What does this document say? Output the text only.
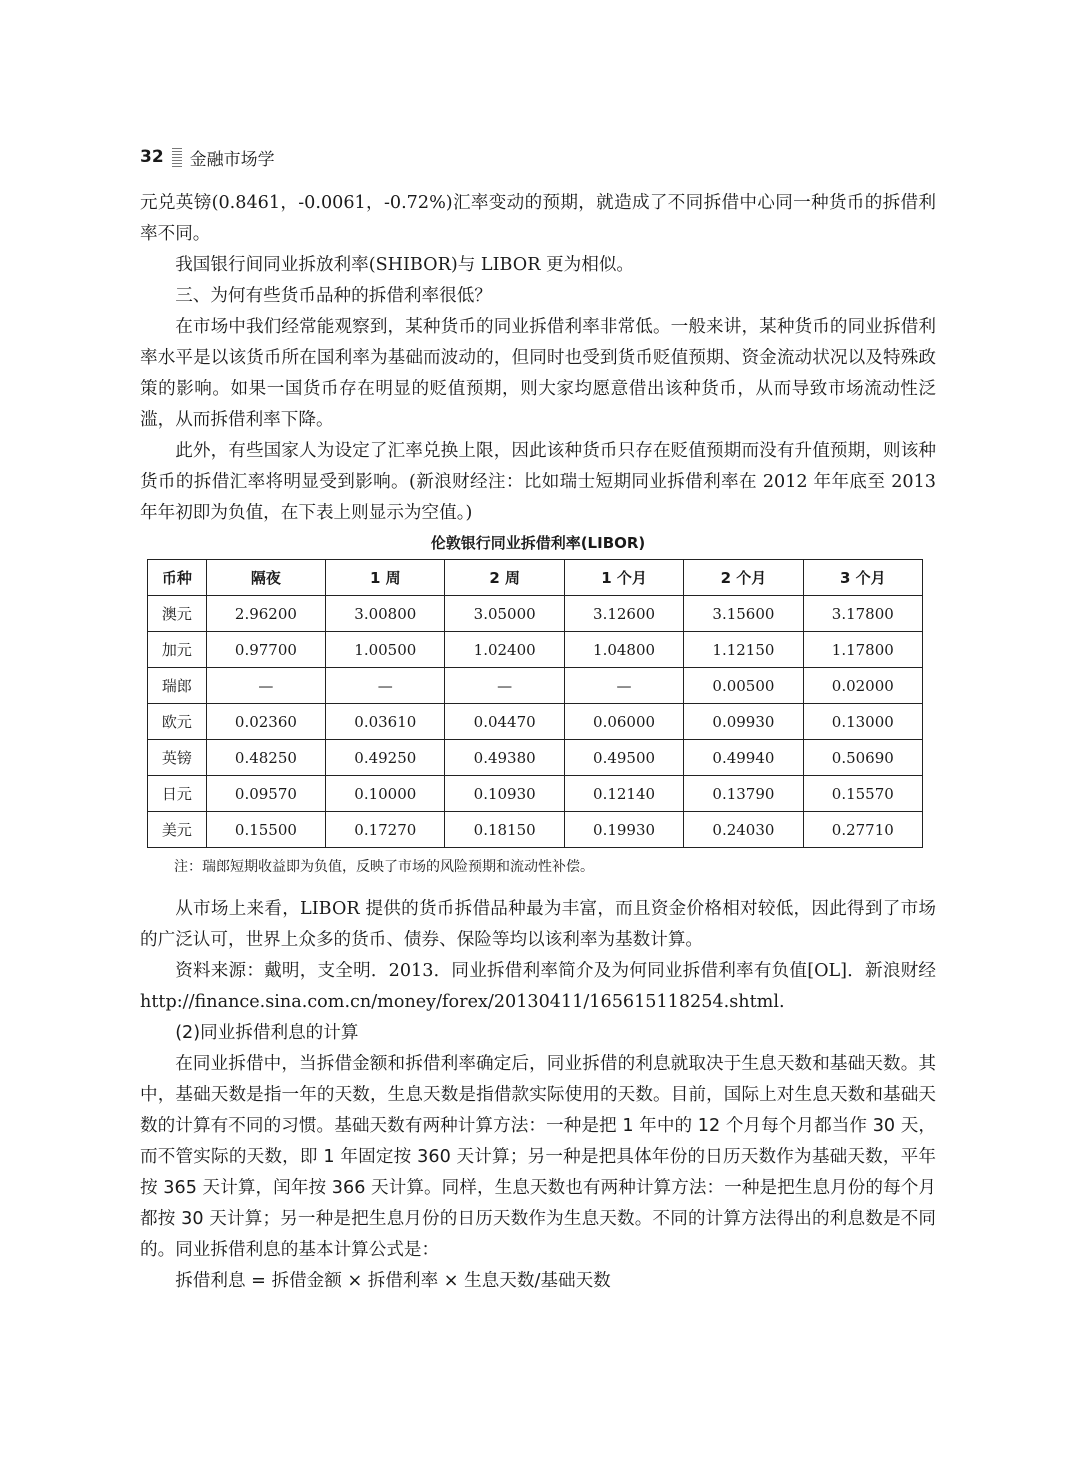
32 金融市场学

元兑英镑(0.8461，-0.0061，-0.72%)汇率变动的预期，就造成了不同拆借中心同一种货币的拆借利率不同。

我国银行间同业拆放利率(SHIBOR)与 LIBOR 更为相似。

三、为何有些货币品种的拆借利率很低？

在市场中我们经常能观察到，某种货币的同业拆借利率非常低。一般来讲，某种货币的同业拆借利率水平是以该货币所在国利率为基础而波动的，但同时也受到货币贬值预期、资金流动状况以及特殊政策的影响。如果一国货币存在明显的贬值预期，则大家均愿意借出该种货币，从而导致市场流动性泛滥，从而拆借利率下降。

此外，有些国家人为设定了汇率兑换上限，因此该种货币只存在贬值预期而没有升值预期，则该种货币的拆借汇率将明显受到影响。(新浪财经注：比如瑞士短期同业拆借利率在 2012 年年底至 2013 年年初即为负值，在下表上则显示为空值。)

伦敦银行同业拆借利率(LIBOR)
币种	隔夜	1 周	2 周	1 个月	2 个月	3 个月
澳元	2.96200	3.00800	3.05000	3.12600	3.15600	3.17800
加元	0.97700	1.00500	1.02400	1.04800	1.12150	1.17800
瑞郎	—	—	—	—	0.00500	0.02000
欧元	0.02360	0.03610	0.04470	0.06000	0.09930	0.13000
英镑	0.48250	0.49250	0.49380	0.49500	0.49940	0.50690
日元	0.09570	0.10000	0.10930	0.12140	0.13790	0.15570
美元	0.15500	0.17270	0.18150	0.19930	0.24030	0.27710
注：瑞郎短期收益即为负值，反映了市场的风险预期和流动性补偿。

从市场上来看，LIBOR 提供的货币拆借品种最为丰富，而且资金价格相对较低，因此得到了市场的广泛认可，世界上众多的货币、债券、保险等均以该利率为基数计算。

资料来源：戴明，支全明．2013．同业拆借利率简介及为何同业拆借利率有负值[OL]．新浪财经 http://finance.sina.com.cn/money/forex/20130411/165615118254.shtml.

(2)同业拆借利息的计算

在同业拆借中，当拆借金额和拆借利率确定后，同业拆借的利息就取决于生息天数和基础天数。其中，基础天数是指一年的天数，生息天数是指借款实际使用的天数。目前，国际上对生息天数和基础天数的计算有不同的习惯。基础天数有两种计算方法：一种是把 1 年中的 12 个月每个月都当作 30 天，而不管实际的天数，即 1 年固定按 360 天计算；另一种是把具体年份的日历天数作为基础天数，平年按 365 天计算，闰年按 366 天计算。同样，生息天数也有两种计算方法：一种是把生息月份的每个月都按 30 天计算；另一种是把生息月份的日历天数作为生息天数。不同的计算方法得出的利息数是不同的。同业拆借利息的基本计算公式是：

拆借利息 = 拆借金额 × 拆借利率 × 生息天数/基础天数
